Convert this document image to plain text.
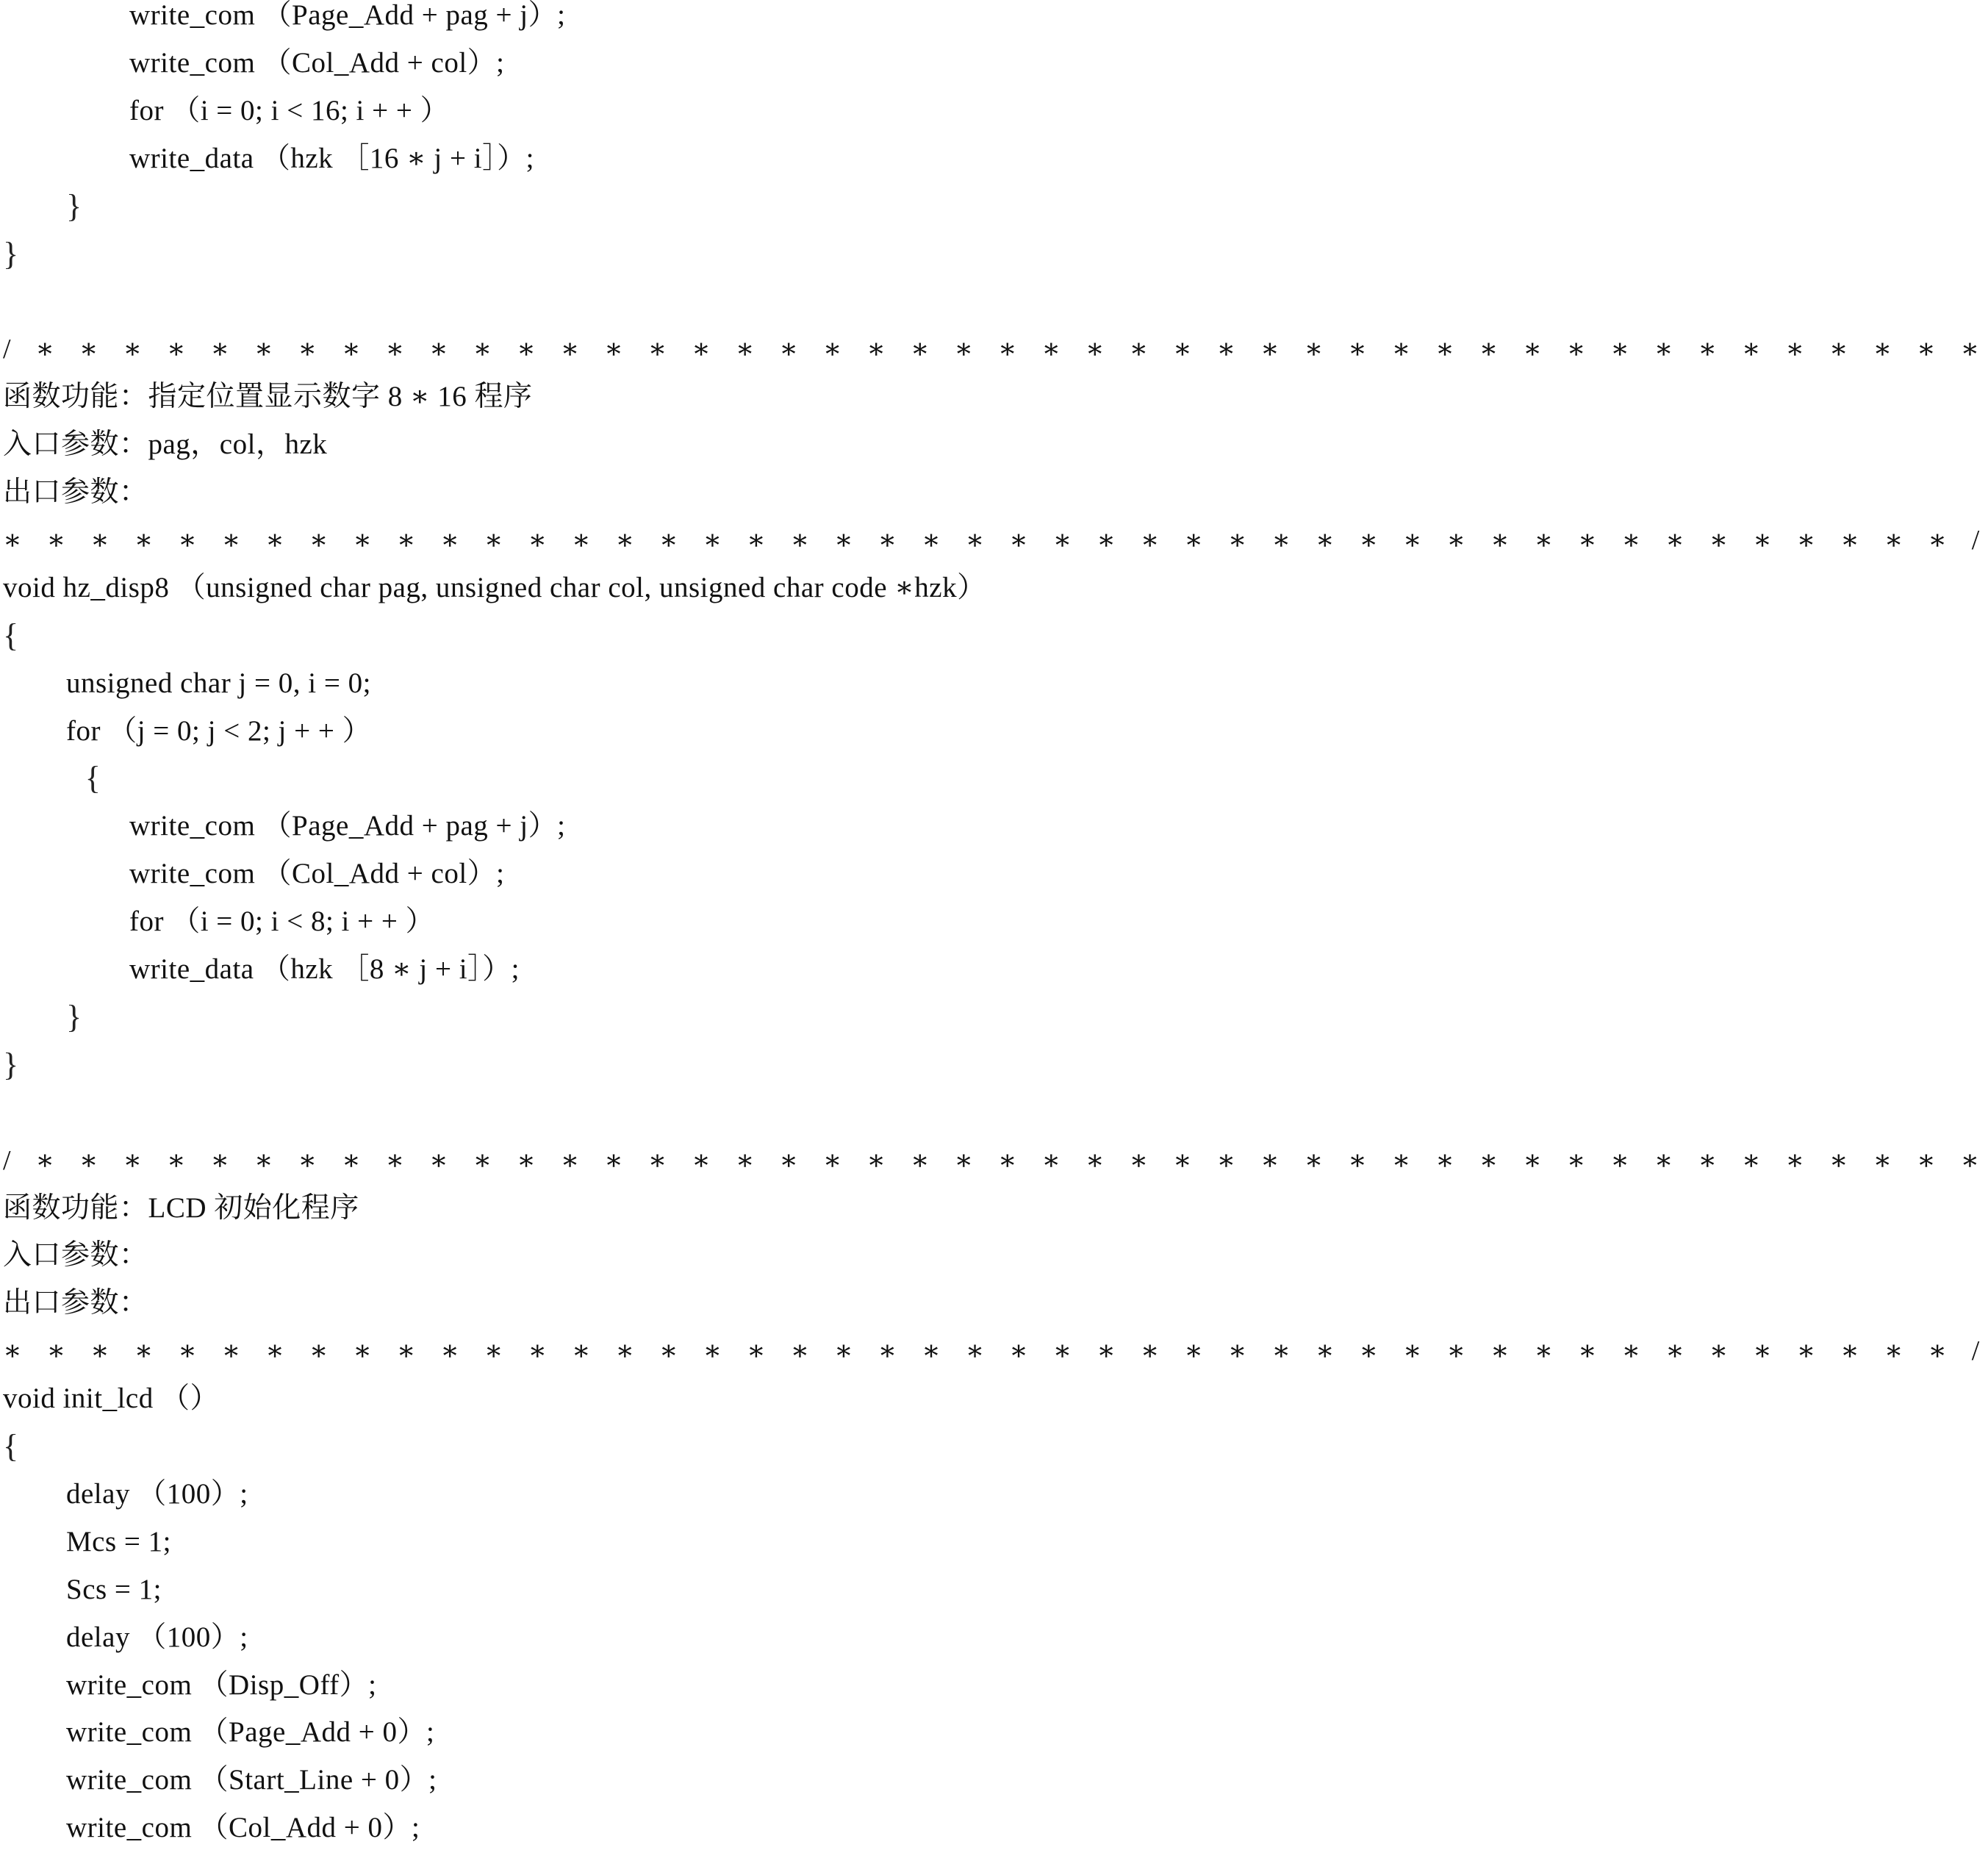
write_com （Page_Add + pag + j）;
write_com （Col_Add + col）;
for （i = 0; i < 16; i + + ）
write_data （hzk ［16 ∗ j + i］）;
}
}
/ ∗ ∗ ∗ ∗ ∗ ∗ ∗ ∗ ∗ ∗ ∗ ∗ ∗ ∗ ∗ ∗ ∗ ∗ ∗ ∗ ∗ ∗ ∗ ∗ ∗ ∗ ∗ ∗ ∗ ∗ ∗ ∗ ∗ ∗ ∗ ∗ ∗ ∗ ∗ ∗ ∗ ∗ ∗ ∗ ∗
函数功能：指定位置显示数字 8 ∗ 16 程序
入口参数：pag，col，hzk
出口参数：
∗ ∗ ∗ ∗ ∗ ∗ ∗ ∗ ∗ ∗ ∗ ∗ ∗ ∗ ∗ ∗ ∗ ∗ ∗ ∗ ∗ ∗ ∗ ∗ ∗ ∗ ∗ ∗ ∗ ∗ ∗ ∗ ∗ ∗ ∗ ∗ ∗ ∗ ∗ ∗ ∗ ∗ ∗ ∗ ∗ /
void hz_disp8 （unsigned char pag, unsigned char col, unsigned char code ∗hzk）
{
unsigned char j = 0, i = 0;
for （j = 0; j < 2; j + + ）
{
write_com （Page_Add + pag + j）;
write_com （Col_Add + col）;
for （i = 0; i < 8; i + + ）
write_data （hzk ［8 ∗ j + i］）;
}
}
/ ∗ ∗ ∗ ∗ ∗ ∗ ∗ ∗ ∗ ∗ ∗ ∗ ∗ ∗ ∗ ∗ ∗ ∗ ∗ ∗ ∗ ∗ ∗ ∗ ∗ ∗ ∗ ∗ ∗ ∗ ∗ ∗ ∗ ∗ ∗ ∗ ∗ ∗ ∗ ∗ ∗ ∗ ∗ ∗ ∗
函数功能：LCD 初始化程序
入口参数：
出口参数：
∗ ∗ ∗ ∗ ∗ ∗ ∗ ∗ ∗ ∗ ∗ ∗ ∗ ∗ ∗ ∗ ∗ ∗ ∗ ∗ ∗ ∗ ∗ ∗ ∗ ∗ ∗ ∗ ∗ ∗ ∗ ∗ ∗ ∗ ∗ ∗ ∗ ∗ ∗ ∗ ∗ ∗ ∗ ∗ ∗ /
void init_lcd （）
{
delay （100）;
Mcs = 1;
Scs = 1;
delay （100）;
write_com （Disp_Off）;
write_com （Page_Add + 0）;
write_com （Start_Line + 0）;
write_com （Col_Add + 0）;
